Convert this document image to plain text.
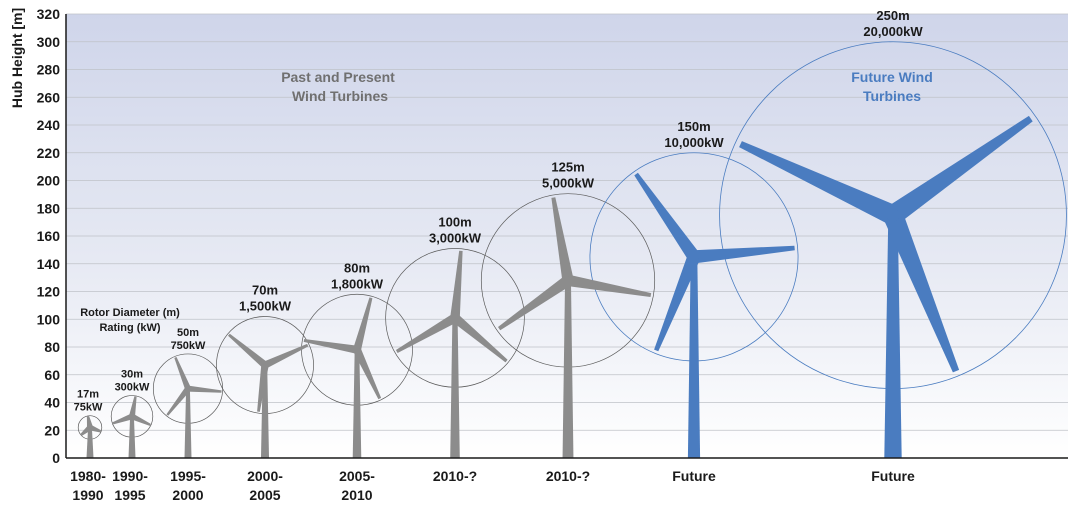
0
20
40
60
80
100
120
140
160
180
200
220
240
260
280
300
320
Hub Height [m]
17m
75kW
30m
300kW
50m
750kW
70m
1,500kW
80m
1,800kW
100m
3,000kW
125m
5,000kW
150m
10,000kW
250m
20,000kW
1980-
1990
1990-
1995
1995-
2000
2000-
2005
2005-
2010
2010-?	2010-?	Future	Future
Rotor Diameter (m)
Rating (kW)
Past and Present
Wind Turbines
Future Wind
Turbines
